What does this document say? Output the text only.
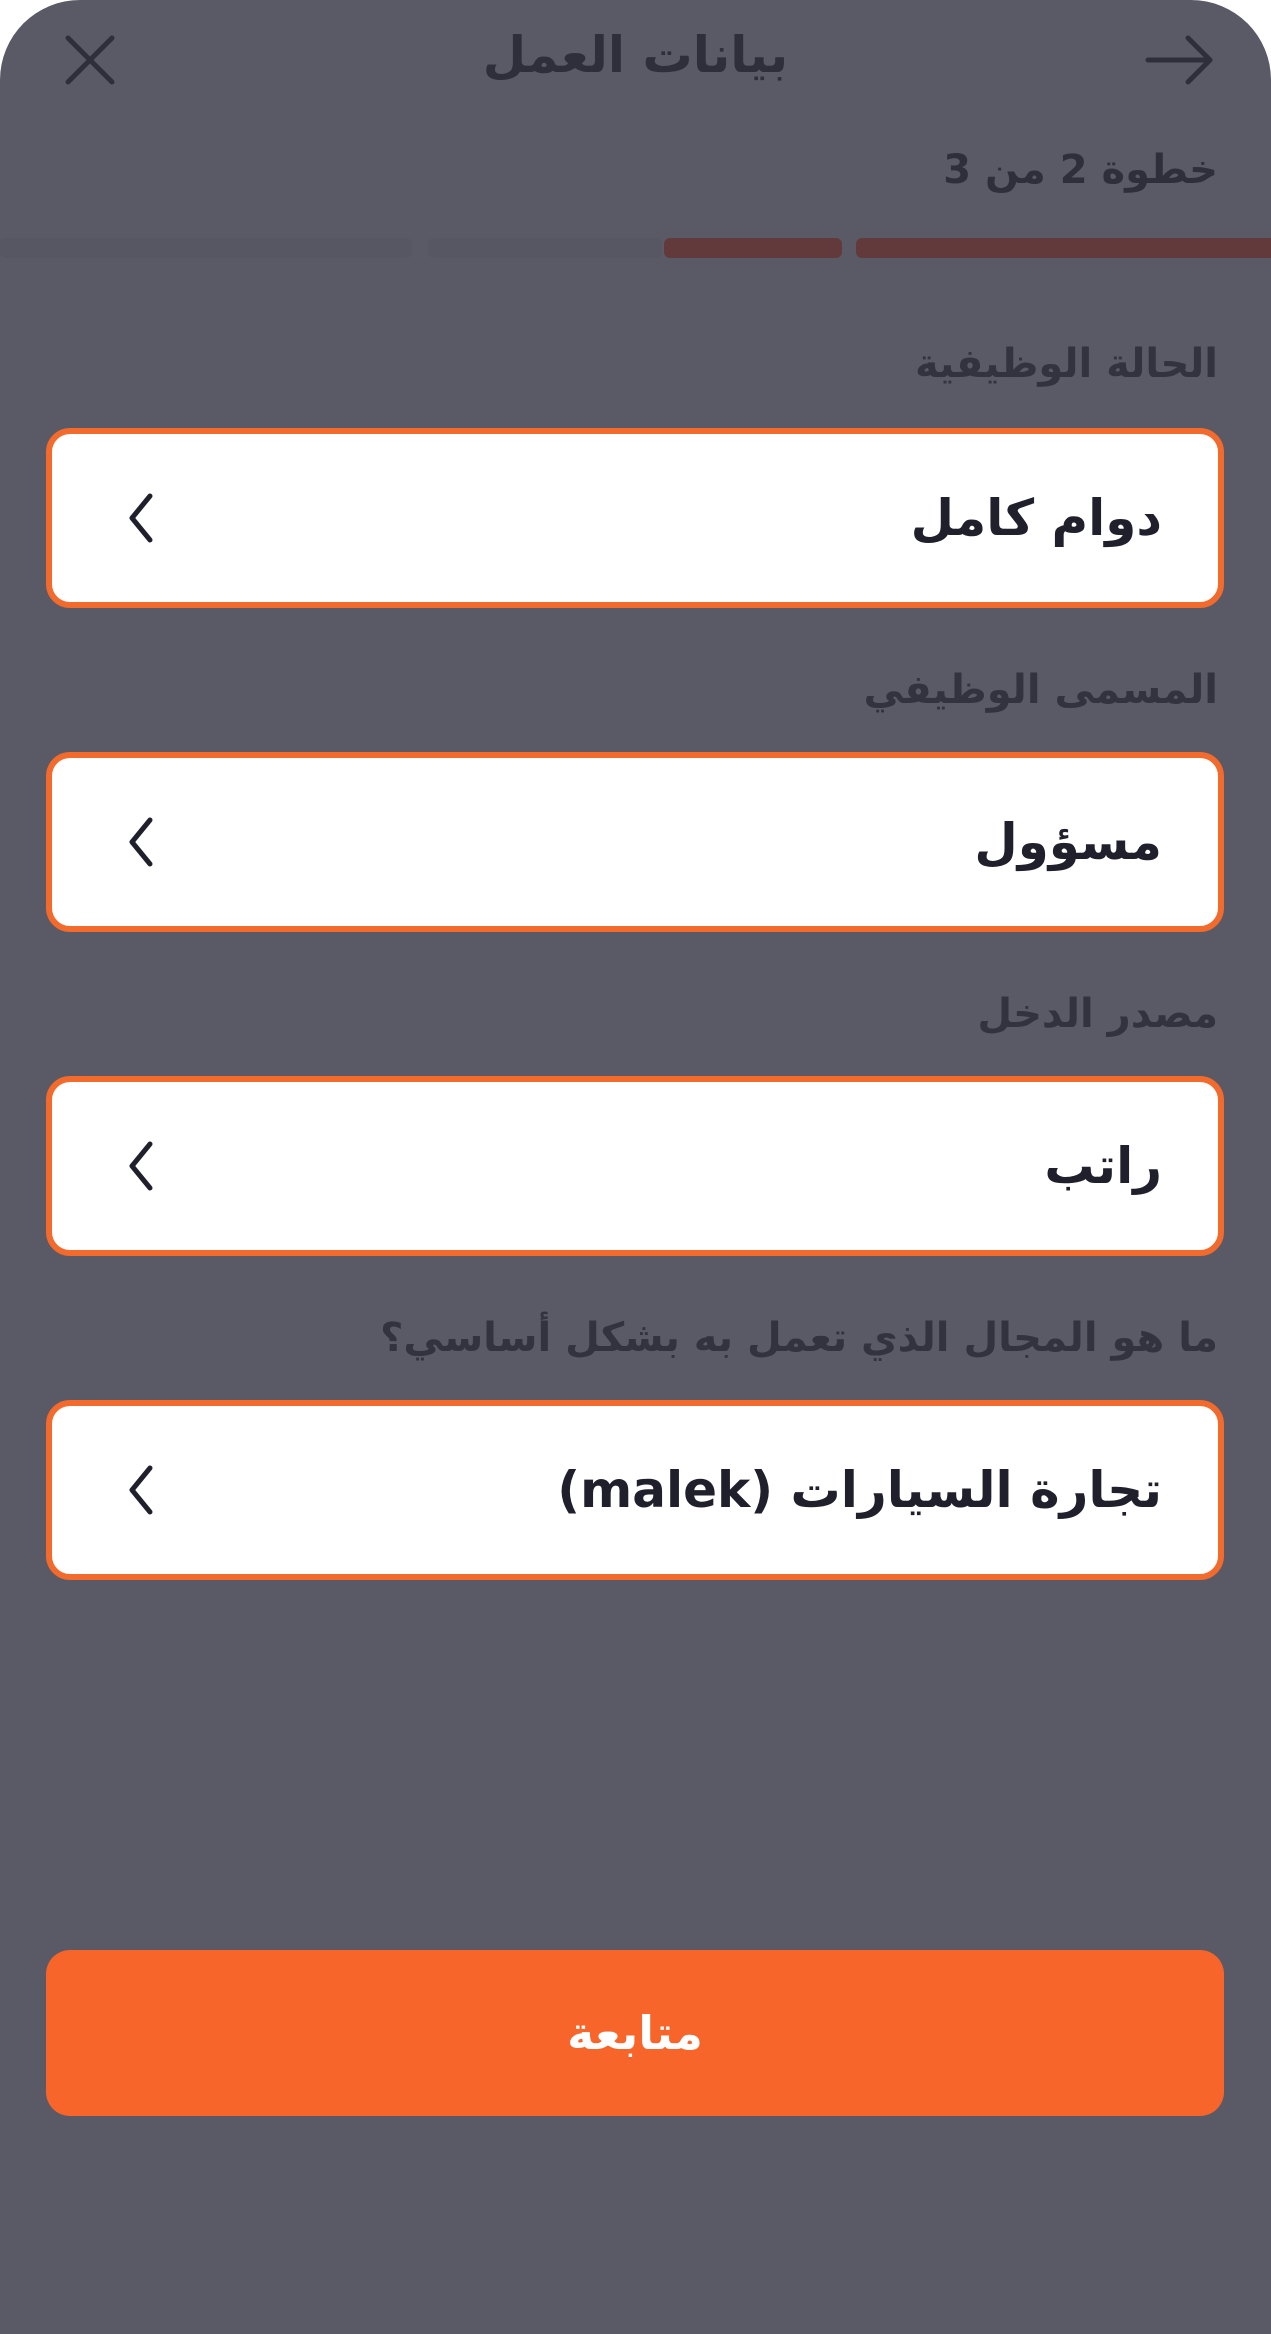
بيانات العمل
خطوة 2 من 3
الحالة الوظيفية
دوام كامل
المسمى الوظيفي
مسؤول
مصدر الدخل
راتب
ما هو المجال الذي تعمل به بشكل أساسي؟
تجارة السيارات (malek)
متابعة
